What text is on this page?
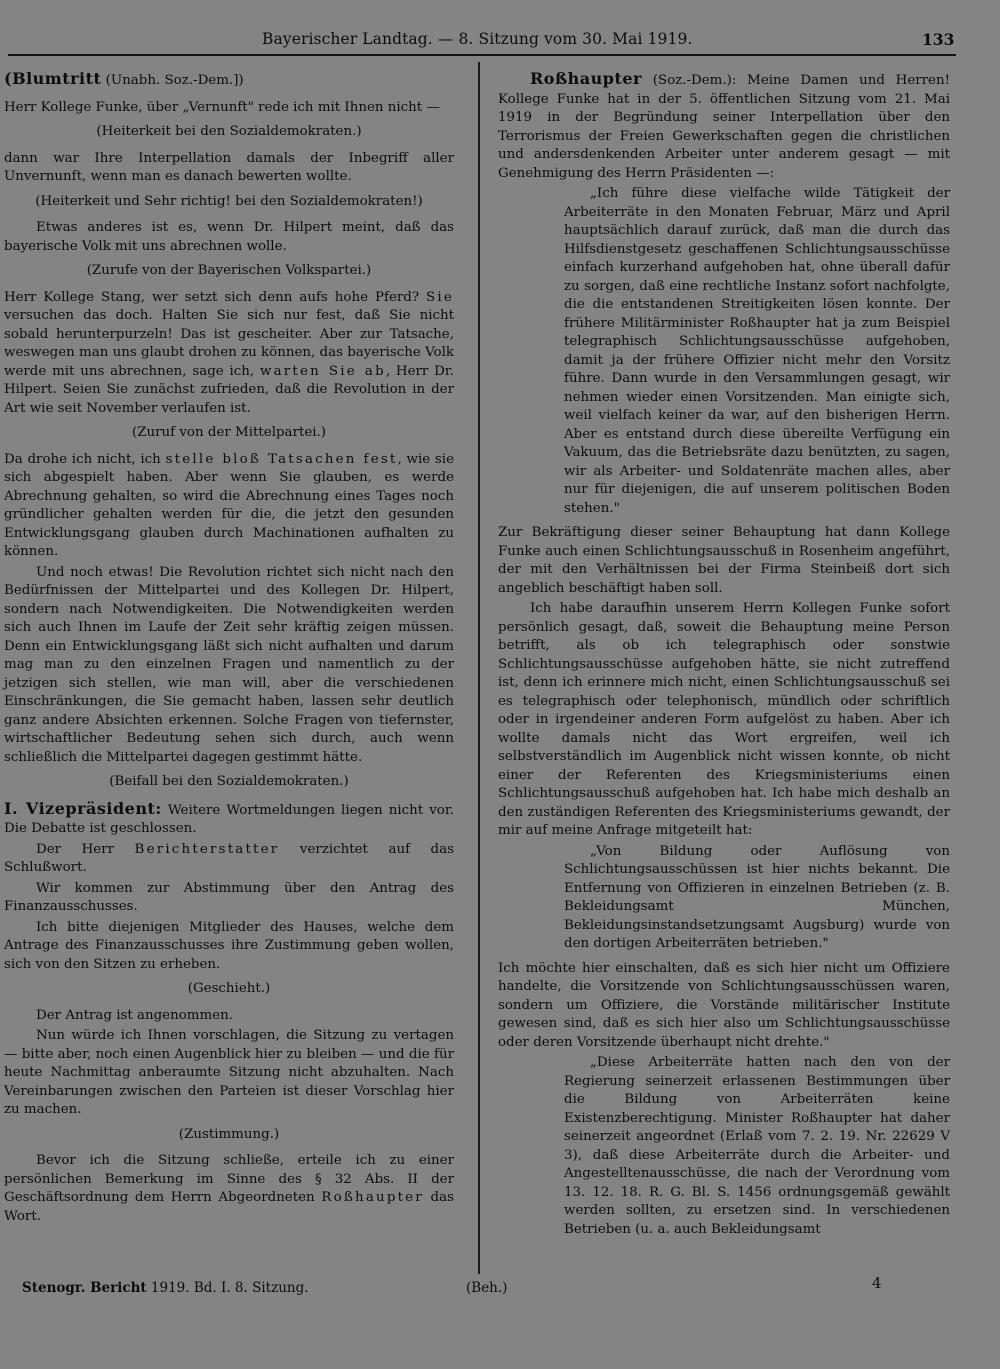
Bayerischer Landtag. — 8. Sitzung vom 30. Mai 1919.	133

(Blumtritt (Unabh. Soz.-Dem.])

Herr Kollege Funke, über „Vernunft" rede ich mit Ihnen nicht —

(Heiterkeit bei den Sozialdemokraten.)

dann war Ihre Interpellation damals der Inbegriff aller Unvernunft, wenn man es danach bewerten wollte.

(Heiterkeit und Sehr richtig! bei den Sozialdemokraten!)

Etwas anderes ist es, wenn Dr. Hilpert meint, daß das bayerische Volk mit uns abrechnen wolle.

(Zurufe von der Bayerischen Volkspartei.)

Herr Kollege Stang, wer setzt sich denn aufs hohe Pferd? Sie versuchen das doch. Halten Sie sich nur fest, daß Sie nicht sobald herunterpurzeln! Das ist gescheiter. Aber zur Tatsache, weswegen man uns glaubt drohen zu können, das bayerische Volk werde mit uns abrechnen, sage ich, warten Sie ab, Herr Dr. Hilpert. Seien Sie zunächst zufrieden, daß die Revolution in der Art wie seit November verlaufen ist.

(Zuruf von der Mittelpartei.)

Da drohe ich nicht, ich stelle bloß Tatsachen fest, wie sie sich abgespielt haben. Aber wenn Sie glauben, es werde Abrechnung gehalten, so wird die Abrechnung eines Tages noch gründlicher gehalten werden für die, die jetzt den gesunden Entwicklungsgang glauben durch Machinationen aufhalten zu können.

Und noch etwas! Die Revolution richtet sich nicht nach den Bedürfnissen der Mittelpartei und des Kollegen Dr. Hilpert, sondern nach Notwendigkeiten. Die Notwendigkeiten werden sich auch Ihnen im Laufe der Zeit sehr kräftig zeigen müssen. Denn ein Entwicklungsgang läßt sich nicht aufhalten und darum mag man zu den einzelnen Fragen und namentlich zu der jetzigen sich stellen, wie man will, aber die verschiedenen Einschränkungen, die Sie gemacht haben, lassen sehr deutlich ganz andere Absichten erkennen. Solche Fragen von tiefernster, wirtschaftlicher Bedeutung sehen sich durch, auch wenn schließlich die Mittelpartei dagegen gestimmt hätte.

(Beifall bei den Sozialdemokraten.)

I. Vizepräsident: Weitere Wortmeldungen liegen nicht vor. Die Debatte ist geschlossen.

Der Herr Berichterstatter verzichtet auf das Schlußwort.

Wir kommen zur Abstimmung über den Antrag des Finanzausschusses.

Ich bitte diejenigen Mitglieder des Hauses, welche dem Antrage des Finanzausschusses ihre Zustimmung geben wollen, sich von den Sitzen zu erheben.

(Geschieht.)

Der Antrag ist angenommen.

Nun würde ich Ihnen vorschlagen, die Sitzung zu vertagen — bitte aber, noch einen Augenblick hier zu bleiben — und die für heute Nachmittag anberaumte Sitzung nicht abzuhalten. Nach Vereinbarungen zwischen den Parteien ist dieser Vorschlag hier zu machen.

(Zustimmung.)

Bevor ich die Sitzung schließe, erteile ich zu einer persönlichen Bemerkung im Sinne des § 32 Abs. II der Geschäftsordnung dem Herrn Abgeordneten Roßhaupter das Wort.

Roßhaupter (Soz.-Dem.): Meine Damen und Herren! Kollege Funke hat in der 5. öffentlichen Sitzung vom 21. Mai 1919 in der Begründung seiner Interpellation über den Terrorismus der Freien Gewerkschaften gegen die christlichen und andersdenkenden Arbeiter unter anderem gesagt — mit Genehmigung des Herrn Präsidenten —:

„Ich führe diese vielfache wilde Tätigkeit der Arbeiterräte in den Monaten Februar, März und April hauptsächlich darauf zurück, daß man die durch das Hilfsdienstgesetz geschaffenen Schlichtungsausschüsse einfach kurzerhand aufgehoben hat, ohne überall dafür zu sorgen, daß eine rechtliche Instanz sofort nachfolgte, die die entstandenen Streitigkeiten lösen konnte. Der frühere Militärminister Roßhaupter hat ja zum Beispiel telegraphisch Schlichtungsausschüsse aufgehoben, damit ja der frühere Offizier nicht mehr den Vorsitz führe. Dann wurde in den Versammlungen gesagt, wir nehmen wieder einen Vorsitzenden. Man einigte sich, weil vielfach keiner da war, auf den bisherigen Herrn. Aber es entstand durch diese übereilte Verfügung ein Vakuum, das die Betriebsräte dazu benützten, zu sagen, wir als Arbeiter- und Soldatenräte machen alles, aber nur für diejenigen, die auf unserem politischen Boden stehen."

Zur Bekräftigung dieser seiner Behauptung hat dann Kollege Funke auch einen Schlichtungsausschuß in Rosenheim angeführt, der mit den Verhältnissen bei der Firma Steinbeiß dort sich angeblich beschäftigt haben soll.

Ich habe daraufhin unserem Herrn Kollegen Funke sofort persönlich gesagt, daß, soweit die Behauptung meine Person betrifft, als ob ich telegraphisch oder sonstwie Schlichtungsausschüsse aufgehoben hätte, sie nicht zutreffend ist, denn ich erinnere mich nicht, einen Schlichtungsausschuß sei es telegraphisch oder telephonisch, mündlich oder schriftlich oder in irgendeiner anderen Form aufgelöst zu haben. Aber ich wollte damals nicht das Wort ergreifen, weil ich selbstverständlich im Augenblick nicht wissen konnte, ob nicht einer der Referenten des Kriegsministeriums einen Schlichtungsausschuß aufgehoben hat. Ich habe mich deshalb an den zuständigen Referenten des Kriegsministeriums gewandt, der mir auf meine Anfrage mitgeteilt hat:

„Von Bildung oder Auflösung von Schlichtungsausschüssen ist hier nichts bekannt. Die Entfernung von Offizieren in einzelnen Betrieben (z. B. Bekleidungsamt München, Bekleidungsinstandsetzungsamt Augsburg) wurde von den dortigen Arbeiterräten betrieben."

Ich möchte hier einschalten, daß es sich hier nicht um Offiziere handelte, die Vorsitzende von Schlichtungsausschüssen waren, sondern um Offiziere, die Vorstände militärischer Institute gewesen sind, daß es sich hier also um Schlichtungsausschüsse oder deren Vorsitzende überhaupt nicht drehte."

„Diese Arbeiterräte hatten nach den von der Regierung seinerzeit erlassenen Bestimmungen über die Bildung von Arbeiterräten keine Existenzberechtigung. Minister Roßhaupter hat daher seinerzeit angeordnet (Erlaß vom 7. 2. 19. Nr. 22629 V 3), daß diese Arbeiterräte durch die Arbeiter- und Angestelltenausschüsse, die nach der Verordnung vom 13. 12. 18. R. G. Bl. S. 1456 ordnungsgemäß gewählt werden sollten, zu ersetzen sind. In verschiedenen Betrieben (u. a. auch Bekleidungsamt

Stenogr. Bericht 1919. Bd. I. 8. Sitzung.	(Beh.)	4
